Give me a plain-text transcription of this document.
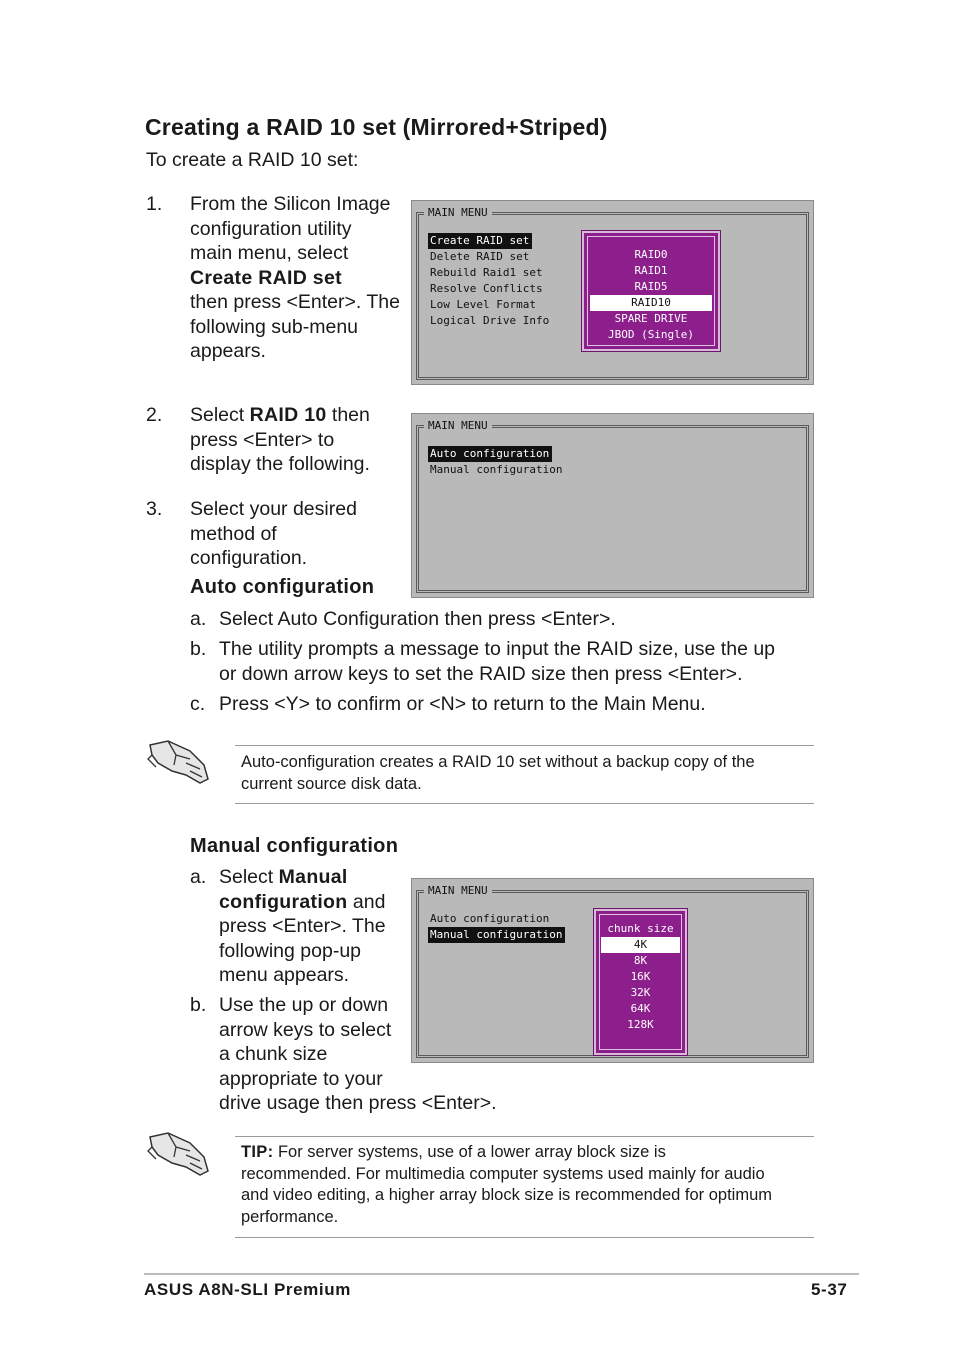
Creating a RAID 10 set (Mirrored+Striped)
To create a RAID 10 set:
1. From the Silicon Image
configuration utility
main menu, select
Create RAID set
then press <Enter>. The
following sub-menu
appears.
MAIN MENU
Create RAID set
Delete RAID set
Rebuild Raid1 set
Resolve Conflicts
Low Level Format
Logical Drive Info
RAID0
RAID1
RAID5
RAID10
SPARE DRIVE
JBOD (Single)
2. Select RAID 10 then
press <Enter> to
display the following.
MAIN MENU
Auto configuration
Manual configuration
3. Select your desired
method of
configuration.
Auto configuration
a. Select Auto Configuration then press <Enter>.
b. The utility prompts a message to input the RAID size, use the up
or down arrow keys to set the RAID size then press <Enter>.
c. Press <Y> to confirm or <N> to return to the Main Menu.
Auto-configuration creates a RAID 10 set without a backup copy of the
current source disk data.
Manual configuration
a. Select Manual
configuration and
press <Enter>. The
following pop-up
menu appears.
b. Use the up or down
arrow keys to select
a chunk size
appropriate to your
drive usage then press <Enter>.
MAIN MENU
Auto configuration
Manual configuration	chunk size
4K
8K
16K
32K
64K
128K
TIP: For server systems, use of a lower array block size is
recommended. For multimedia computer systems used mainly for audio
and video editing, a higher array block size is recommended for optimum
performance.
ASUS A8N-SLI Premium	5-37
